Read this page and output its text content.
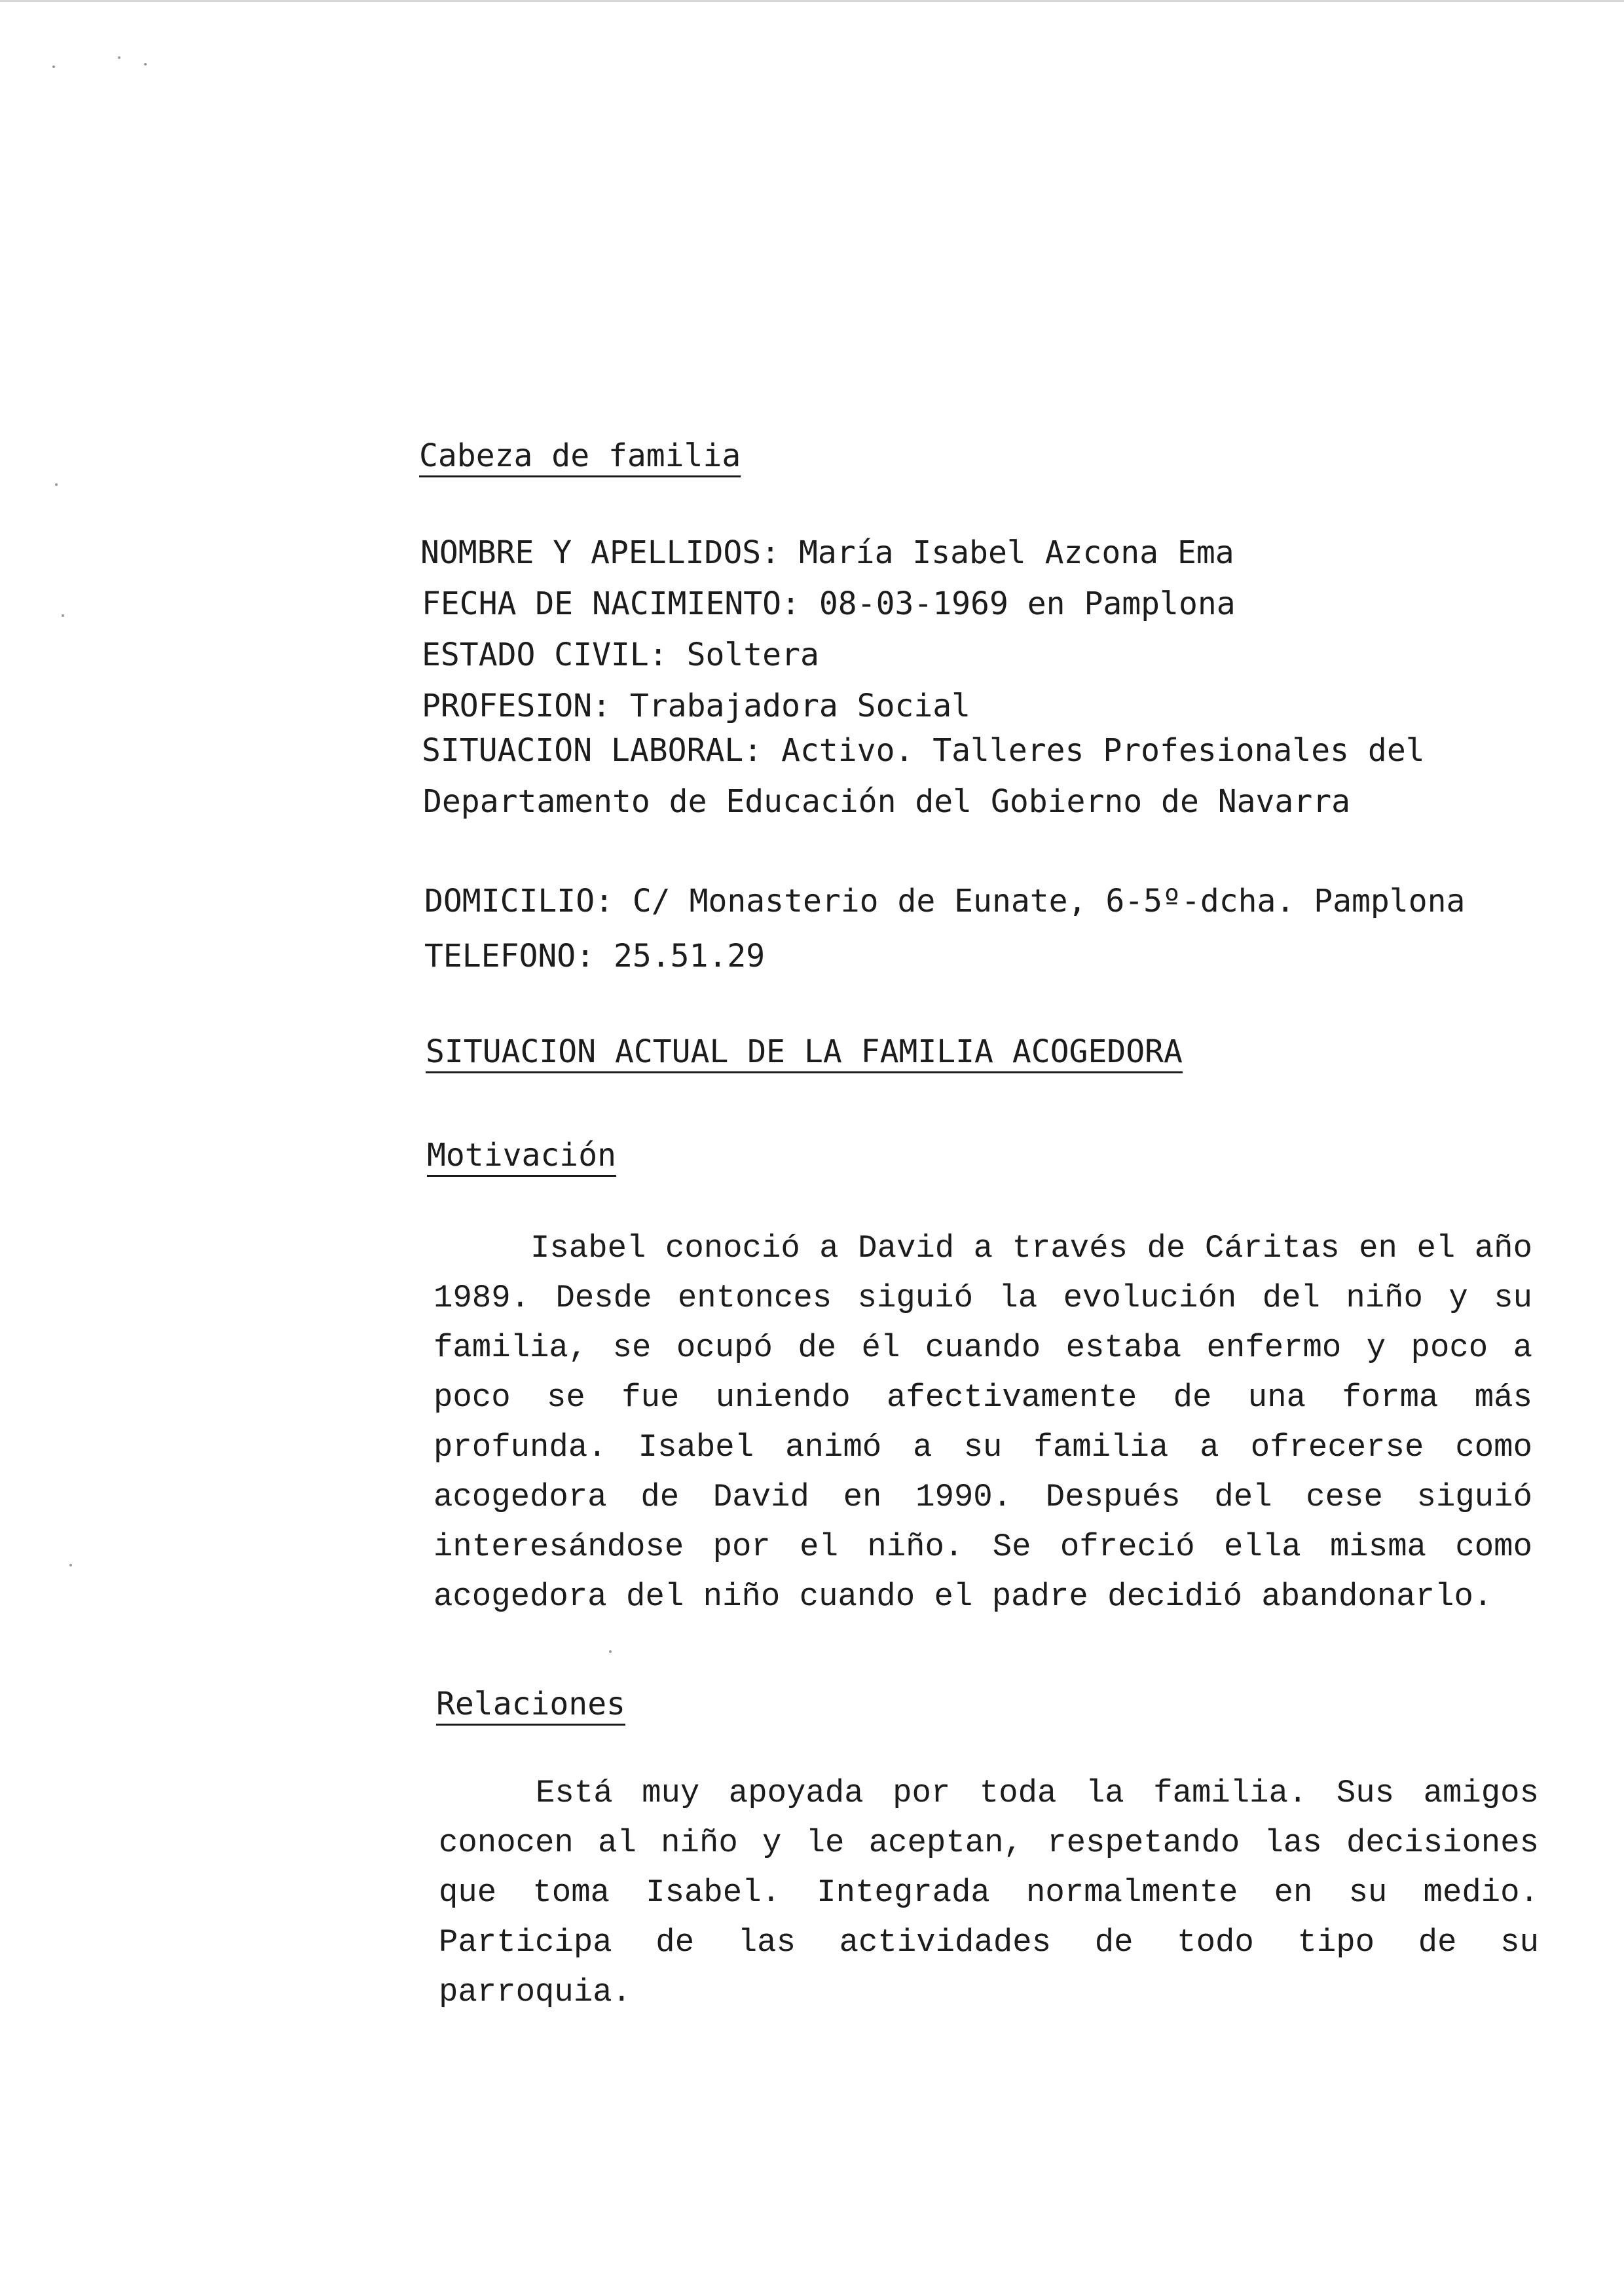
Cabeza de familia
NOMBRE Y APELLIDOS: María Isabel Azcona Ema
FECHA DE NACIMIENTO: 08-03-1969 en Pamplona
ESTADO CIVIL: Soltera
PROFESION: Trabajadora Social
SITUACION LABORAL: Activo. Talleres Profesionales del
Departamento de Educación del Gobierno de Navarra
DOMICILIO: C/ Monasterio de Eunate, 6-5º-dcha. Pamplona
TELEFONO: 25.51.29
SITUACION ACTUAL DE LA FAMILIA ACOGEDORA
Motivación

Isabel conoció a David a través de Cáritas en el año 1989. Desde entonces siguió la evolución del niño y su familia, se ocupó de él cuando estaba enfermo y poco a poco se fue uniendo afectivamente de una forma más profunda. Isabel animó a su familia a ofrecerse como acogedora de David en 1990. Después del cese siguió interesándose por el niño. Se ofreció ella misma como acogedora del niño cuando el padre decidió abandonarlo.

Relaciones

Está muy apoyada por toda la familia. Sus amigos conocen al niño y le aceptan, respetando las decisiones que toma Isabel. Integrada normalmente en su medio. Participa de las actividades de todo tipo de su parroquia.
